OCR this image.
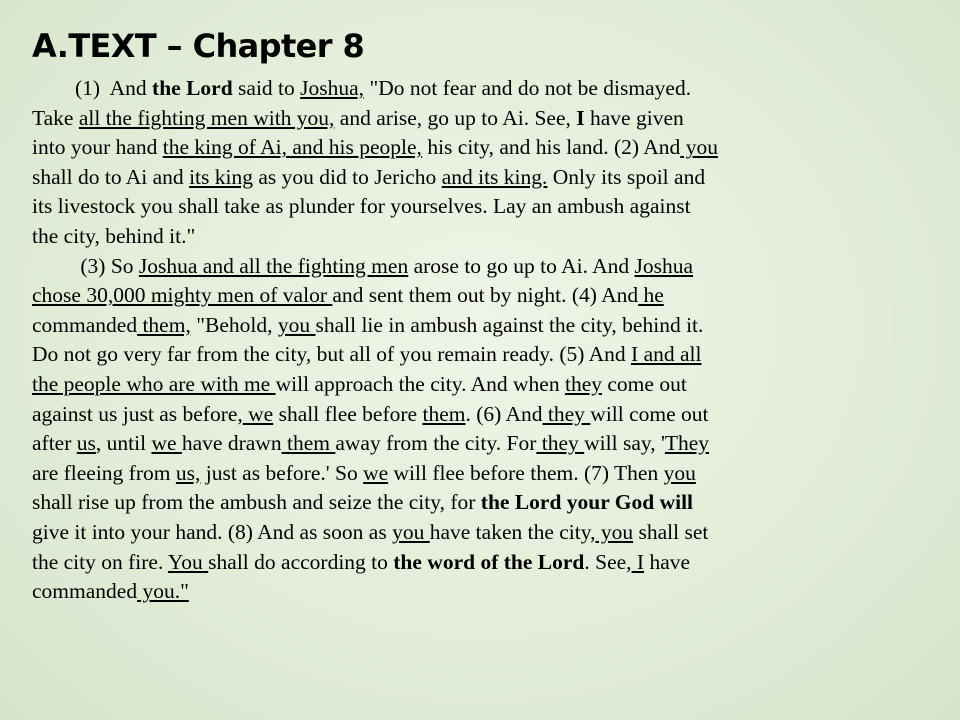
A.TEXT – Chapter 8
(1)  And the Lord said to Joshua, "Do not fear and do not be dismayed.
Take all the fighting men with you, and arise, go up to Ai. See, I have given
into your hand the king of Ai, and his people, his city, and his land. (2) And you
shall do to Ai and its king as you did to Jericho and its king. Only its spoil and
its livestock you shall take as plunder for yourselves. Lay an ambush against
the city, behind it."
(3) So Joshua and all the fighting men arose to go up to Ai. And Joshua
chose 30,000 mighty men of valor and sent them out by night. (4) And he
commanded them, "Behold, you shall lie in ambush against the city, behind it.
Do not go very far from the city, but all of you remain ready. (5) And I and all
the people who are with me will approach the city. And when they come out
against us just as before, we shall flee before them. (6) And they will come out
after us, until we have drawn them away from the city. For they will say, 'They
are fleeing from us, just as before.' So we will flee before them. (7) Then you
shall rise up from the ambush and seize the city, for the Lord your God will
give it into your hand. (8) And as soon as you have taken the city, you shall set
the city on fire. You shall do according to the word of the Lord. See, I have
commanded you."
